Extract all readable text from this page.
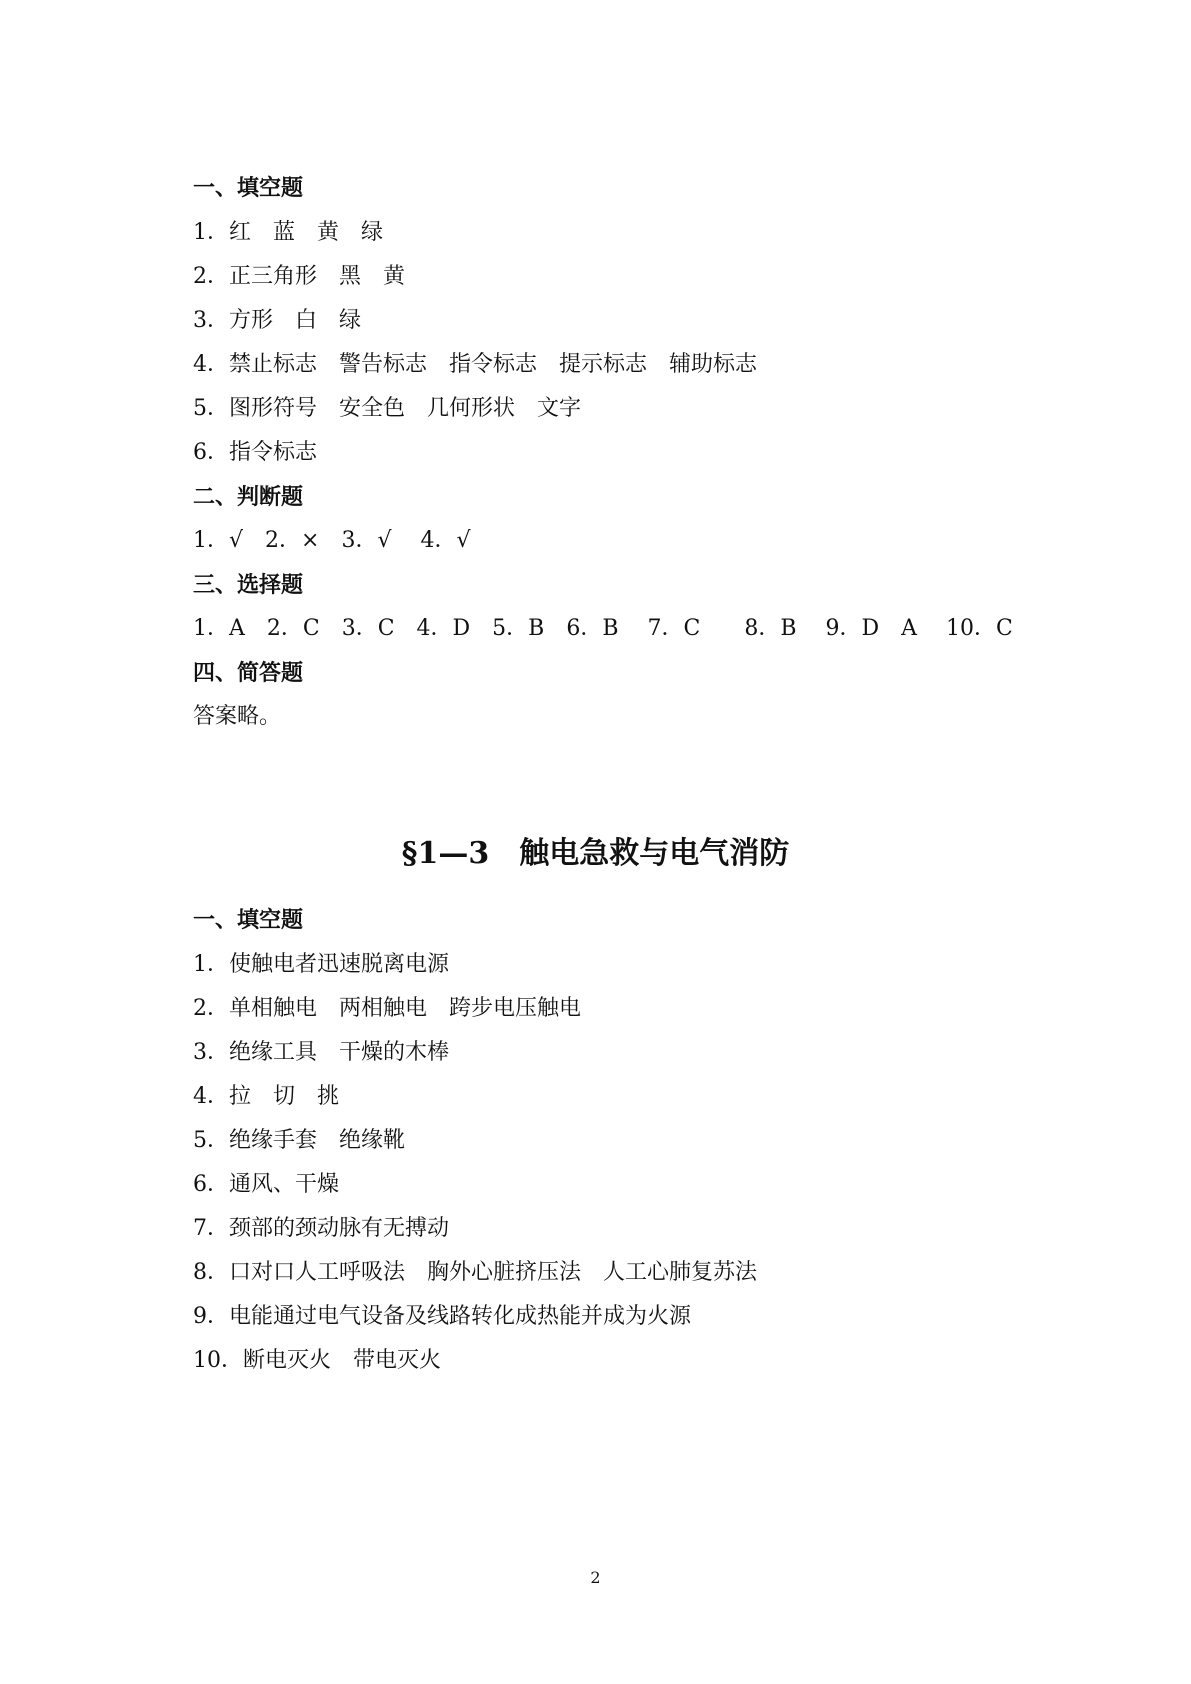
一、填空题
1．红　蓝　黄　绿
2．正三角形　黑　黄
3．方形　白　绿
4．禁止标志　警告标志　指令标志　提示标志　辅助标志
5．图形符号　安全色　几何形状　文字
6．指令标志
二、判断题
1．√　2．×　3．√　 4．√
三、选择题
1．A　2．C　3．C　4．D　5．B　6．B　 7．C　　8．B　 9．D　A　 10．C
四、简答题
答案略。
§1—3　触电急救与电气消防
一、填空题
1．使触电者迅速脱离电源
2．单相触电　两相触电　跨步电压触电
3．绝缘工具　干燥的木棒
4．拉　切　挑
5．绝缘手套　绝缘靴
6．通风、干燥
7．颈部的颈动脉有无搏动
8．口对口人工呼吸法　胸外心脏挤压法　人工心肺复苏法
9．电能通过电气设备及线路转化成热能并成为火源
10．断电灭火　带电灭火
2
